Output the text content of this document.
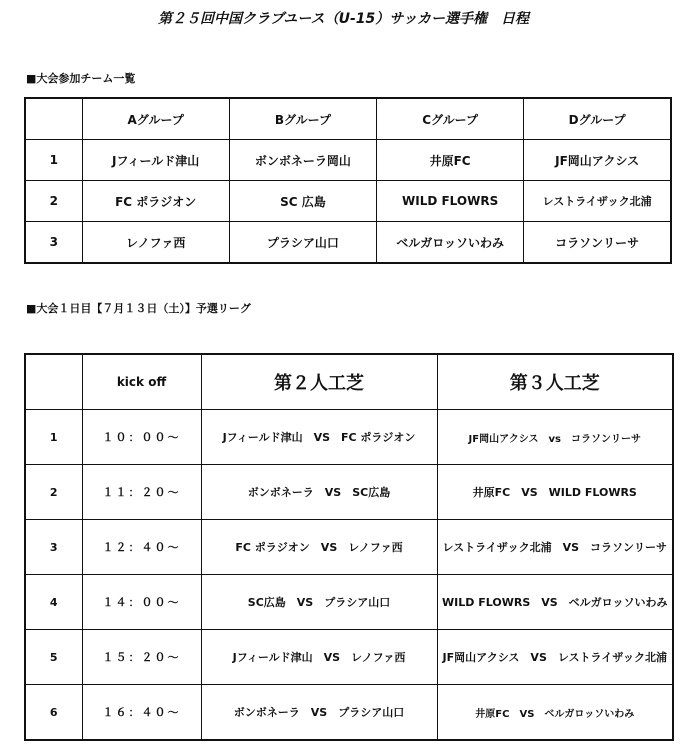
第２５回中国クラブユース（U-15）サッカー選手権　日程
■大会参加チーム一覧
	Aグループ	Bグループ	Cグループ	Dグループ
1	Jフィールド津山	ボンボネーラ岡山	井原FC	JF岡山アクシス
2	FC ポラジオン	SC 広島	WILD FLOWRS	レストライザック北浦
3	レノファ西	プラシア山口	ベルガロッソいわみ	コラソンリーサ
■大会１日目【７月１３日（土）】予選リーグ
	kick off	第２人工芝	第３人工芝
1	１０：００～	Jフィールド津山　VS　FC ポラジオン	JF岡山アクシス　vs　コラソンリーサ
2	１１：２０～	ボンボネーラ　VS　SC広島	井原FC　VS　WILD FLOWRS
3	１２：４０～	FC ポラジオン　VS　レノファ西	レストライザック北浦　VS　コラソンリーサ
4	１４：００～	SC広島　VS　プラシア山口	WILD FLOWRS　VS　ベルガロッソいわみ
5	１５：２０～	Jフィールド津山　VS　レノファ西	JF岡山アクシス　VS　レストライザック北浦
6	１６：４０～	ボンボネーラ　VS　プラシア山口	井原FC　VS　ベルガロッソいわみ
